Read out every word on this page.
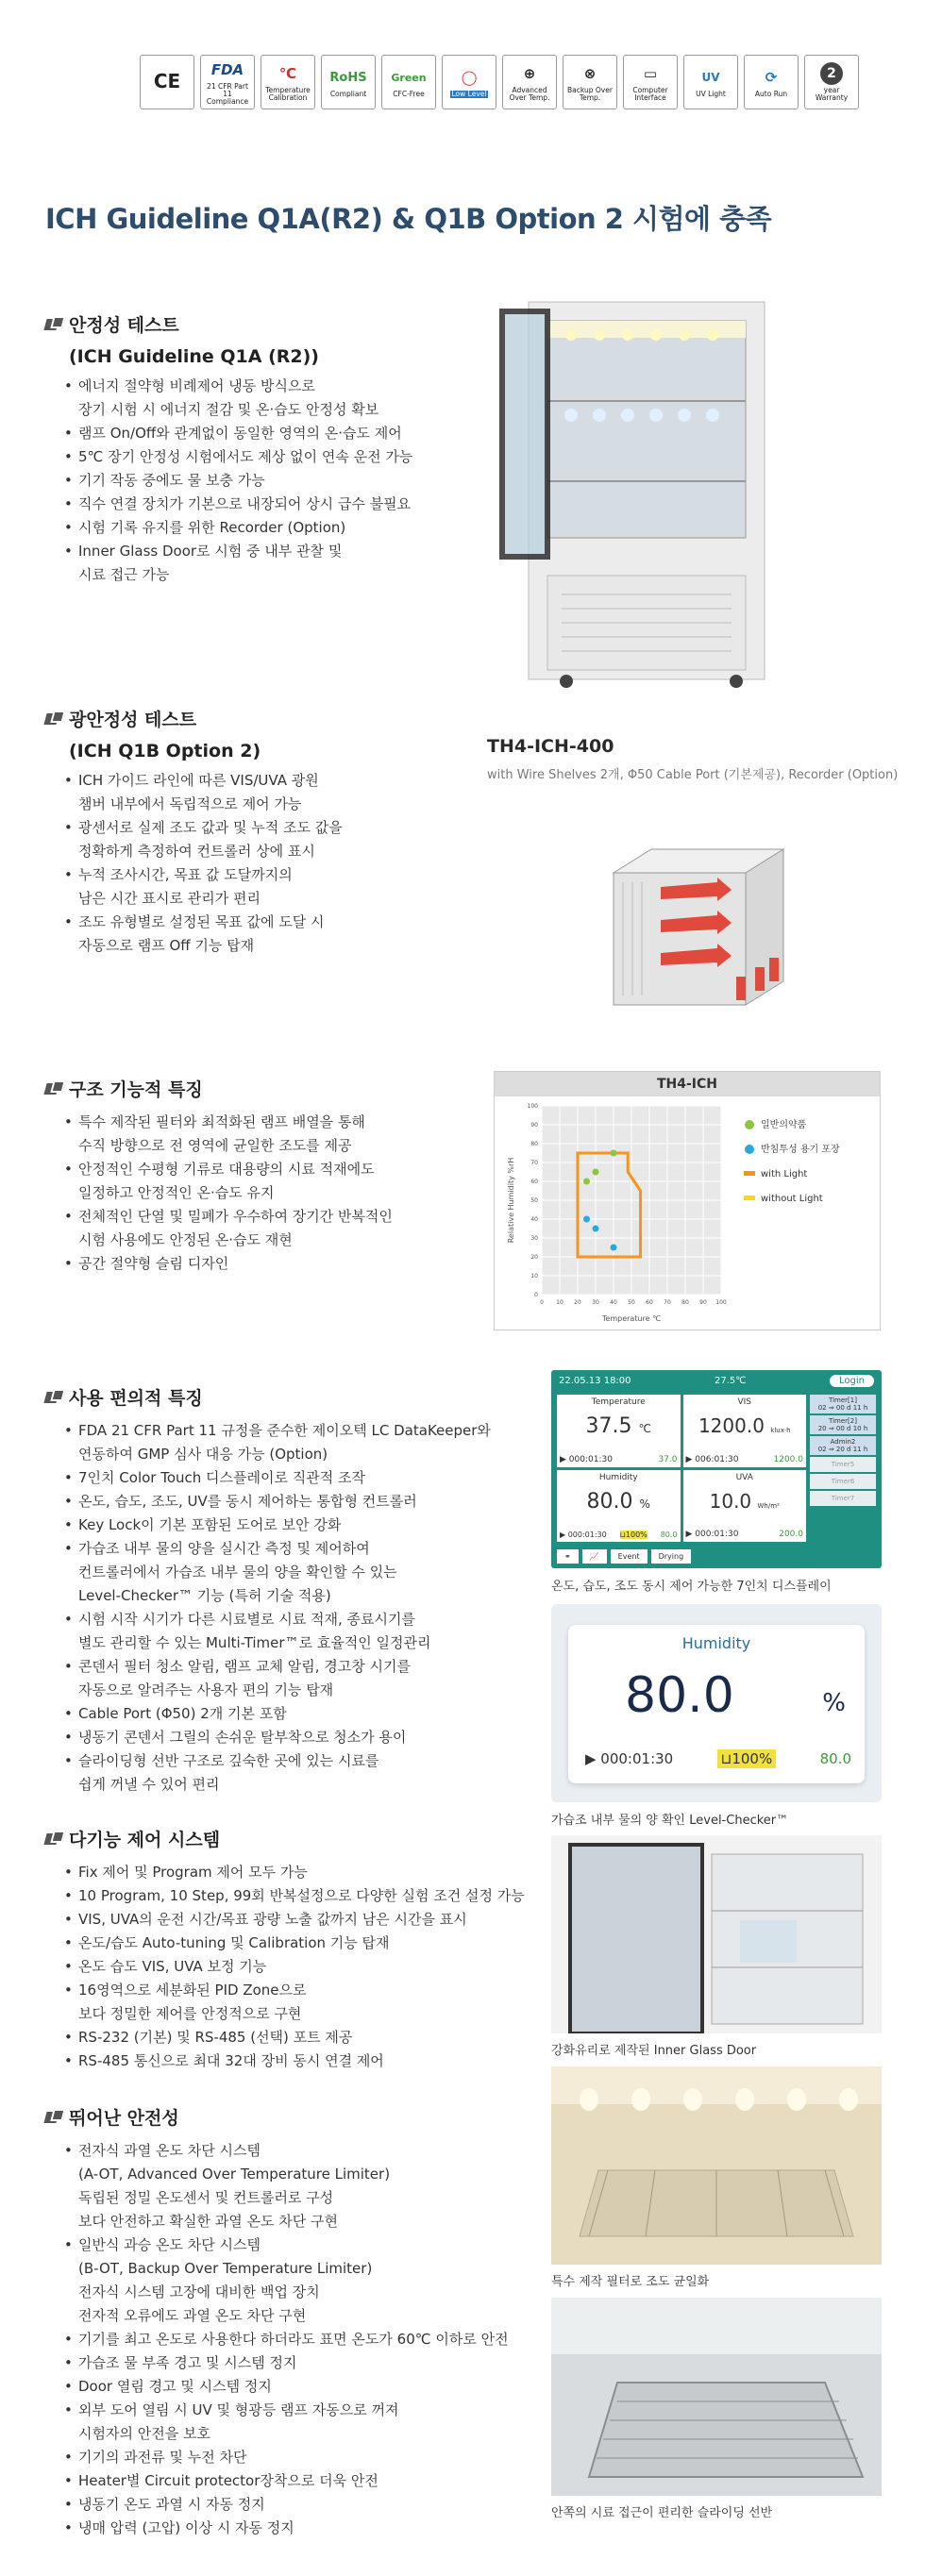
CE FDA
21 CFR Part 11 Compliance
℃
Temperature Calibration
RoHS
Compliant
Green
CFC-Free
◯
Low Level
⊕
Advanced Over Temp.
⊗
Backup Over Temp.
▭
Computer Interface
UV
UV Light
⟳
Auto Run
2
year Warranty
ICH Guideline Q1A(R2) & Q1B Option 2 시험에 충족
안정성 테스트
(ICH Guideline Q1A (R2))
• 에너지 절약형 비례제어 냉동 방식으로
장기 시험 시 에너지 절감 및 온·습도 안정성 확보
• 램프 On/Off와 관계없이 동일한 영역의 온·습도 제어
• 5℃ 장기 안정성 시험에서도 제상 없이 연속 운전 가능
• 기기 작동 중에도 물 보충 가능
• 직수 연결 장치가 기본으로 내장되어 상시 급수 불필요
• 시험 기록 유지를 위한 Recorder (Option)
• Inner Glass Door로 시험 중 내부 관찰 및
시료 접근 가능
TH4-ICH-400
with Wire Shelves 2개, Φ50 Cable Port (기본제공), Recorder (Option)
광안정성 테스트
(ICH Q1B Option 2)
• ICH 가이드 라인에 따른 VIS/UVA 광원
챔버 내부에서 독립적으로 제어 가능
• 광센서로 실제 조도 값과 및 누적 조도 값을
정확하게 측정하여 컨트롤러 상에 표시
• 누적 조사시간, 목표 값 도달까지의
남은 시간 표시로 관리가 편리
• 조도 유형별로 설정된 목표 값에 도달 시
자동으로 램프 Off 기능 탑재
구조 기능적 특징
• 특수 제작된 필터와 최적화된 램프 배열을 통해
수직 방향으로 전 영역에 균일한 조도를 제공
• 안정적인 수평형 기류로 대용량의 시료 적재에도
일정하고 안정적인 온·습도 유지
• 전체적인 단열 및 밀폐가 우수하여 장기간 반복적인
시험 사용에도 안정된 온·습도 재현
• 공간 절약형 슬림 디자인
TH4-ICH
0 10 20 30 40 50 60 70 80 90 100
0
10
20
30
40
50
60
70
80
90
100
Temperature ℃
Relative Humidity %rH
일반의약품
반침투성 용기 포장
with Light
without Light
사용 편의적 특징
• FDA 21 CFR Part 11 규정을 준수한 제이오텍 LC DataKeeper와
연동하여 GMP 심사 대응 가능 (Option)
• 7인치 Color Touch 디스플레이로 직관적 조작
• 온도, 습도, 조도, UV를 동시 제어하는 통합형 컨트롤러
• Key Lock이 기본 포함된 도어로 보안 강화
• 가습조 내부 물의 양을 실시간 측정 및 제어하여
컨트롤러에서 가습조 내부 물의 양을 확인할 수 있는
Level-Checker™ 기능 (특허 기술 적용)
• 시험 시작 시기가 다른 시료별로 시료 적재, 종료시기를
별도 관리할 수 있는 Multi-Timer™로 효율적인 일정관리
• 콘덴서 필터 청소 알림, 램프 교체 알림, 경고창 시기를
자동으로 알려주는 사용자 편의 기능 탑재
• Cable Port (Φ50) 2개 기본 포함
• 냉동기 콘덴서 그릴의 손쉬운 탈부착으로 청소가 용이
• 슬라이딩형 선반 구조로 깊숙한 곳에 있는 시료를
쉽게 꺼낼 수 있어 편리
22.05.13 18:00	27.5℃	Login
Temperature
37.5 ℃
▶ 000:01:30	37.0
VIS
1200.0 klux·h
▶ 006:01:30	1200.0
Humidity
80.0 %
▶ 000:01:30 ⊔100% 80.0
UVA
10.0 Wh/m²
▶ 000:01:30	200.0
Timer[1]
02 ⇒ 00 d 11 h
Timer[2]
20 ⇒ 00 d 10 h
Admin2
02 ⇒ 20 d 11 h
Timer5
Timer6
Timer7
⚭	📈	Event	Drying
온도, 습도, 조도 동시 제어 가능한 7인치 디스플레이
Humidity
80.0	%
▶ 000:01:30	⊔100%	80.0
가습조 내부 물의 양 확인 Level-Checker™
다기능 제어 시스템
• Fix 제어 및 Program 제어 모두 가능
• 10 Program, 10 Step, 99회 반복설정으로 다양한 실험 조건 설정 가능
• VIS, UVA의 운전 시간/목표 광량 노출 값까지 남은 시간을 표시
• 온도/습도 Auto-tuning 및 Calibration 기능 탑재
• 온도 습도 VIS, UVA 보정 기능
• 16영역으로 세분화된 PID Zone으로
보다 정밀한 제어를 안정적으로 구현
• RS-232 (기본) 및 RS-485 (선택) 포트 제공
• RS-485 통신으로 최대 32대 장비 동시 연결 제어
강화유리로 제작된 Inner Glass Door
특수 제작 필터로 조도 균일화
안쪽의 시료 접근이 편리한 슬라이딩 선반
뛰어난 안전성
• 전자식 과열 온도 차단 시스템
(A-OT, Advanced Over Temperature Limiter)
독립된 정밀 온도센서 및 컨트롤러로 구성
보다 안전하고 확실한 과열 온도 차단 구현
• 일반식 과승 온도 차단 시스템
(B-OT, Backup Over Temperature Limiter)
전자식 시스템 고장에 대비한 백업 장치
전자적 오류에도 과열 온도 차단 구현
• 기기를 최고 온도로 사용한다 하더라도 표면 온도가 60℃ 이하로 안전
• 가습조 물 부족 경고 및 시스템 정지
• Door 열림 경고 및 시스템 정지
• 외부 도어 열림 시 UV 및 형광등 램프 자동으로 꺼져
시험자의 안전을 보호
• 기기의 과전류 및 누전 차단
• Heater별 Circuit protector장착으로 더욱 안전
• 냉동기 온도 과열 시 자동 정지
• 냉매 압력 (고압) 이상 시 자동 정지
